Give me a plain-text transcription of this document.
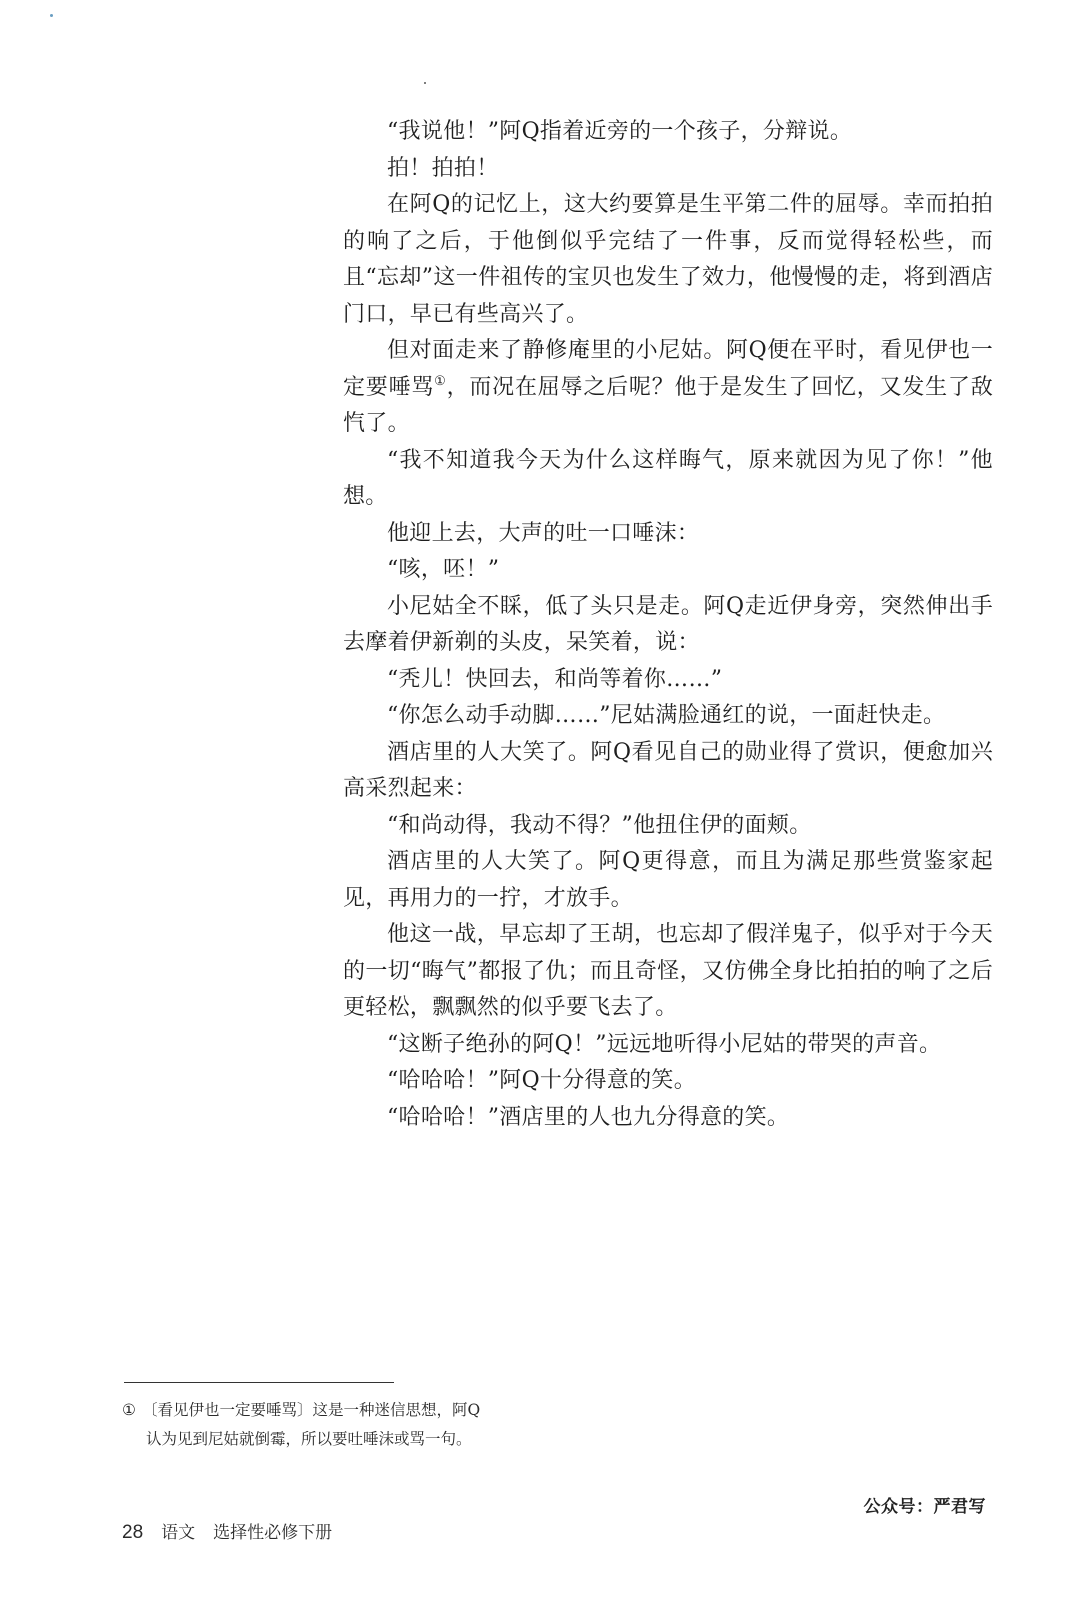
“我说他！”阿Q指着近旁的一个孩子，分辩说。

拍！拍拍！

在阿Q的记忆上，这大约要算是生平第二件的屈辱。幸而拍拍的响了之后，于他倒似乎完结了一件事，反而觉得轻松些，而且“忘却”这一件祖传的宝贝也发生了效力，他慢慢的走，将到酒店门口，早已有些高兴了。

但对面走来了静修庵里的小尼姑。阿Q便在平时，看见伊也一定要唾骂①，而况在屈辱之后呢？他于是发生了回忆，又发生了敌忾了。

“我不知道我今天为什么这样晦气，原来就因为见了你！”他想。

他迎上去，大声的吐一口唾沫：

“咳，呸！”

小尼姑全不睬，低了头只是走。阿Q走近伊身旁，突然伸出手去摩着伊新剃的头皮，呆笑着，说：

“秃儿！快回去，和尚等着你……”

“你怎么动手动脚……”尼姑满脸通红的说，一面赶快走。

酒店里的人大笑了。阿Q看见自己的勋业得了赏识，便愈加兴高采烈起来：

“和尚动得，我动不得？”他扭住伊的面颊。

酒店里的人大笑了。阿Q更得意，而且为满足那些赏鉴家起见，再用力的一拧，才放手。

他这一战，早忘却了王胡，也忘却了假洋鬼子，似乎对于今天的一切“晦气”都报了仇；而且奇怪，又仿佛全身比拍拍的响了之后更轻松，飘飘然的似乎要飞去了。

“这断子绝孙的阿Q！”远远地听得小尼姑的带哭的声音。

“哈哈哈！”阿Q十分得意的笑。

“哈哈哈！”酒店里的人也九分得意的笑。

① 〔看见伊也一定要唾骂〕这是一种迷信思想，阿Q
认为见到尼姑就倒霉，所以要吐唾沫或骂一句。
公众号：严君写
28 语文 选择性必修下册
